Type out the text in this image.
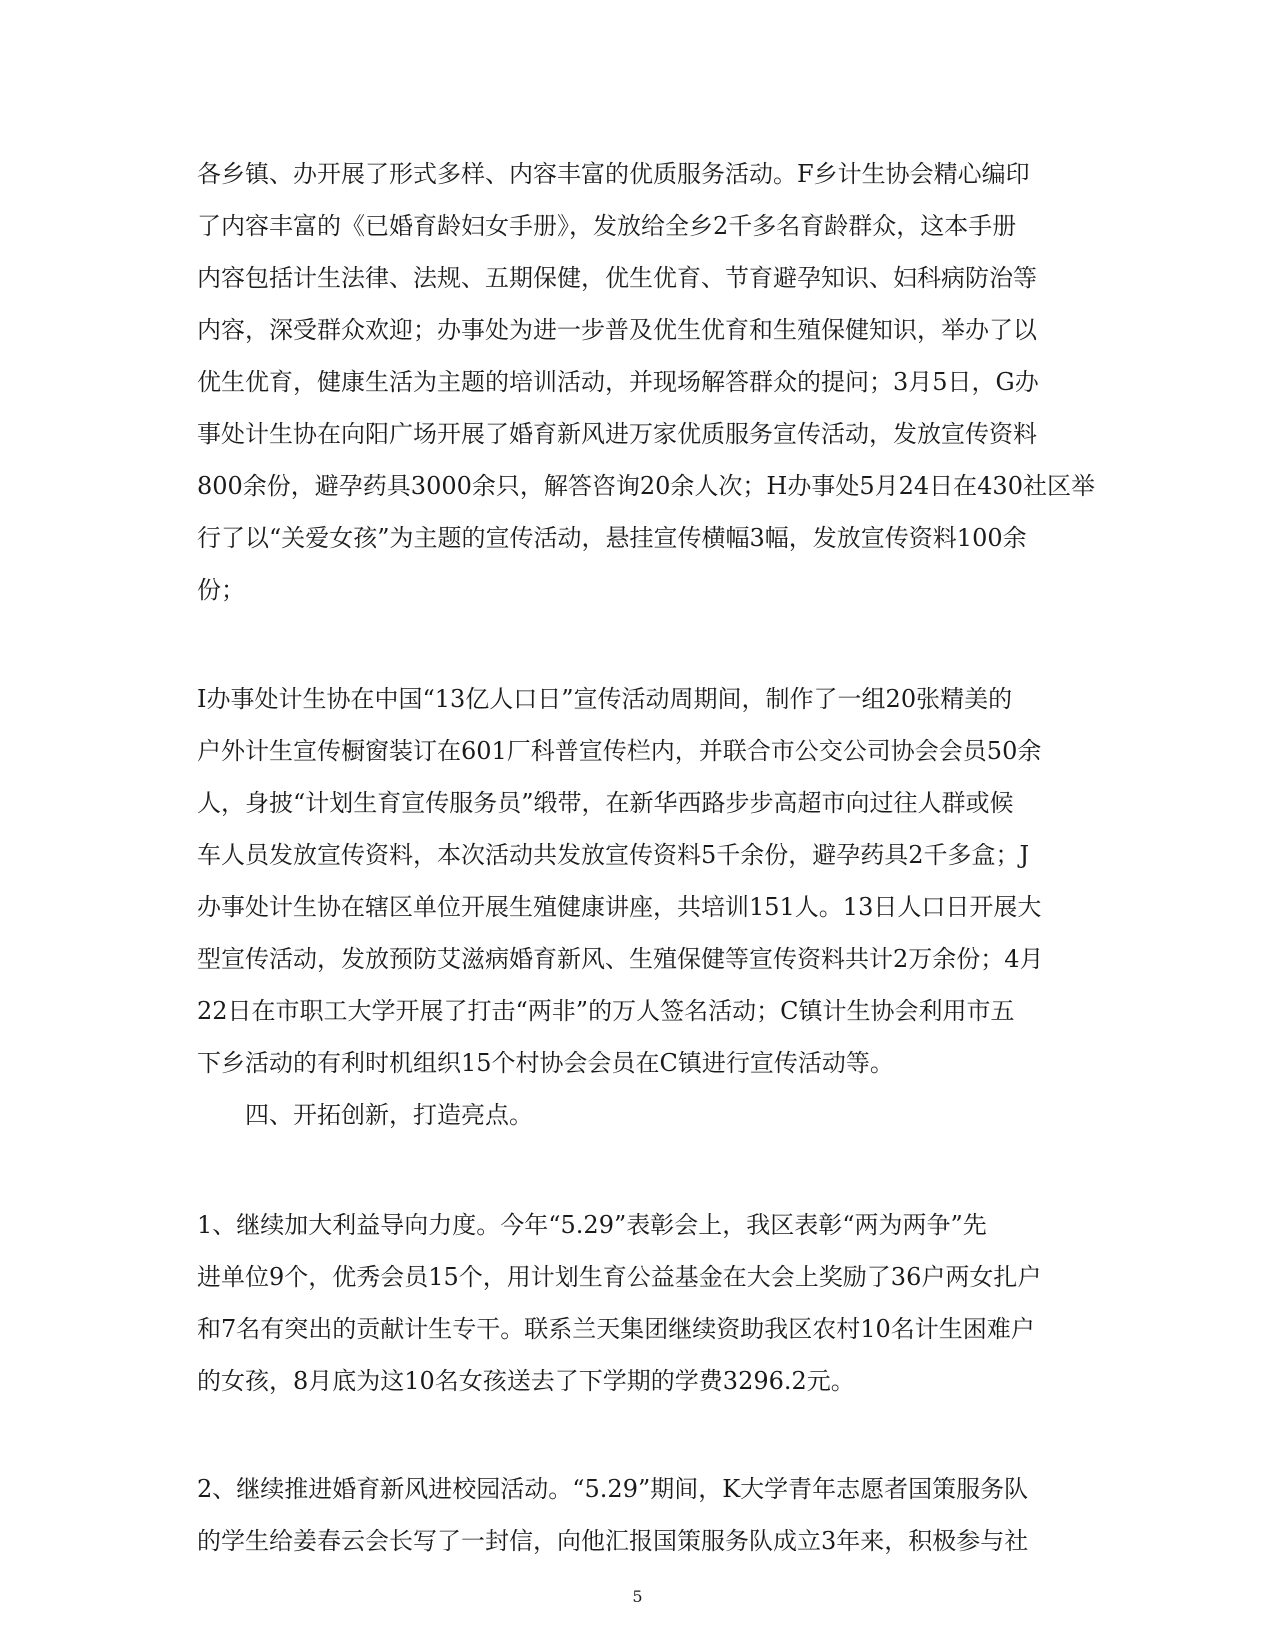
各乡镇、办开展了形式多样、内容丰富的优质服务活动。F乡计生协会精心编印
了内容丰富的《已婚育龄妇女手册》，发放给全乡2千多名育龄群众，这本手册
内容包括计生法律、法规、五期保健，优生优育、节育避孕知识、妇科病防治等
内容，深受群众欢迎；办事处为进一步普及优生优育和生殖保健知识，举办了以
优生优育，健康生活为主题的培训活动，并现场解答群众的提问；3月5日，G办
事处计生协在向阳广场开展了婚育新风进万家优质服务宣传活动，发放宣传资料
800余份，避孕药具3000余只，解答咨询20余人次；H办事处5月24日在430社区举
行了以“关爱女孩”为主题的宣传活动，悬挂宣传横幅3幅，发放宣传资料100余
份；
I办事处计生协在中国“13亿人口日”宣传活动周期间，制作了一组20张精美的
户外计生宣传橱窗装订在601厂科普宣传栏内，并联合市公交公司协会会员50余
人，身披“计划生育宣传服务员”缎带，在新华西路步步高超市向过往人群或候
车人员发放宣传资料，本次活动共发放宣传资料5千余份，避孕药具2千多盒；J
办事处计生协在辖区单位开展生殖健康讲座，共培训151人。13日人口日开展大
型宣传活动，发放预防艾滋病婚育新风、生殖保健等宣传资料共计2万余份；4月
22日在市职工大学开展了打击“两非”的万人签名活动；C镇计生协会利用市五
下乡活动的有利时机组织15个村协会会员在C镇进行宣传活动等。
四、开拓创新，打造亮点。
1、继续加大利益导向力度。今年“5.29”表彰会上，我区表彰“两为两争”先
进单位9个，优秀会员15个，用计划生育公益基金在大会上奖励了36户两女扎户
和7名有突出的贡献计生专干。联系兰天集团继续资助我区农村10名计生困难户
的女孩，8月底为这10名女孩送去了下学期的学费3296.2元。
2、继续推进婚育新风进校园活动。“5.29”期间，K大学青年志愿者国策服务队
的学生给姜春云会长写了一封信，向他汇报国策服务队成立3年来，积极参与社
5
